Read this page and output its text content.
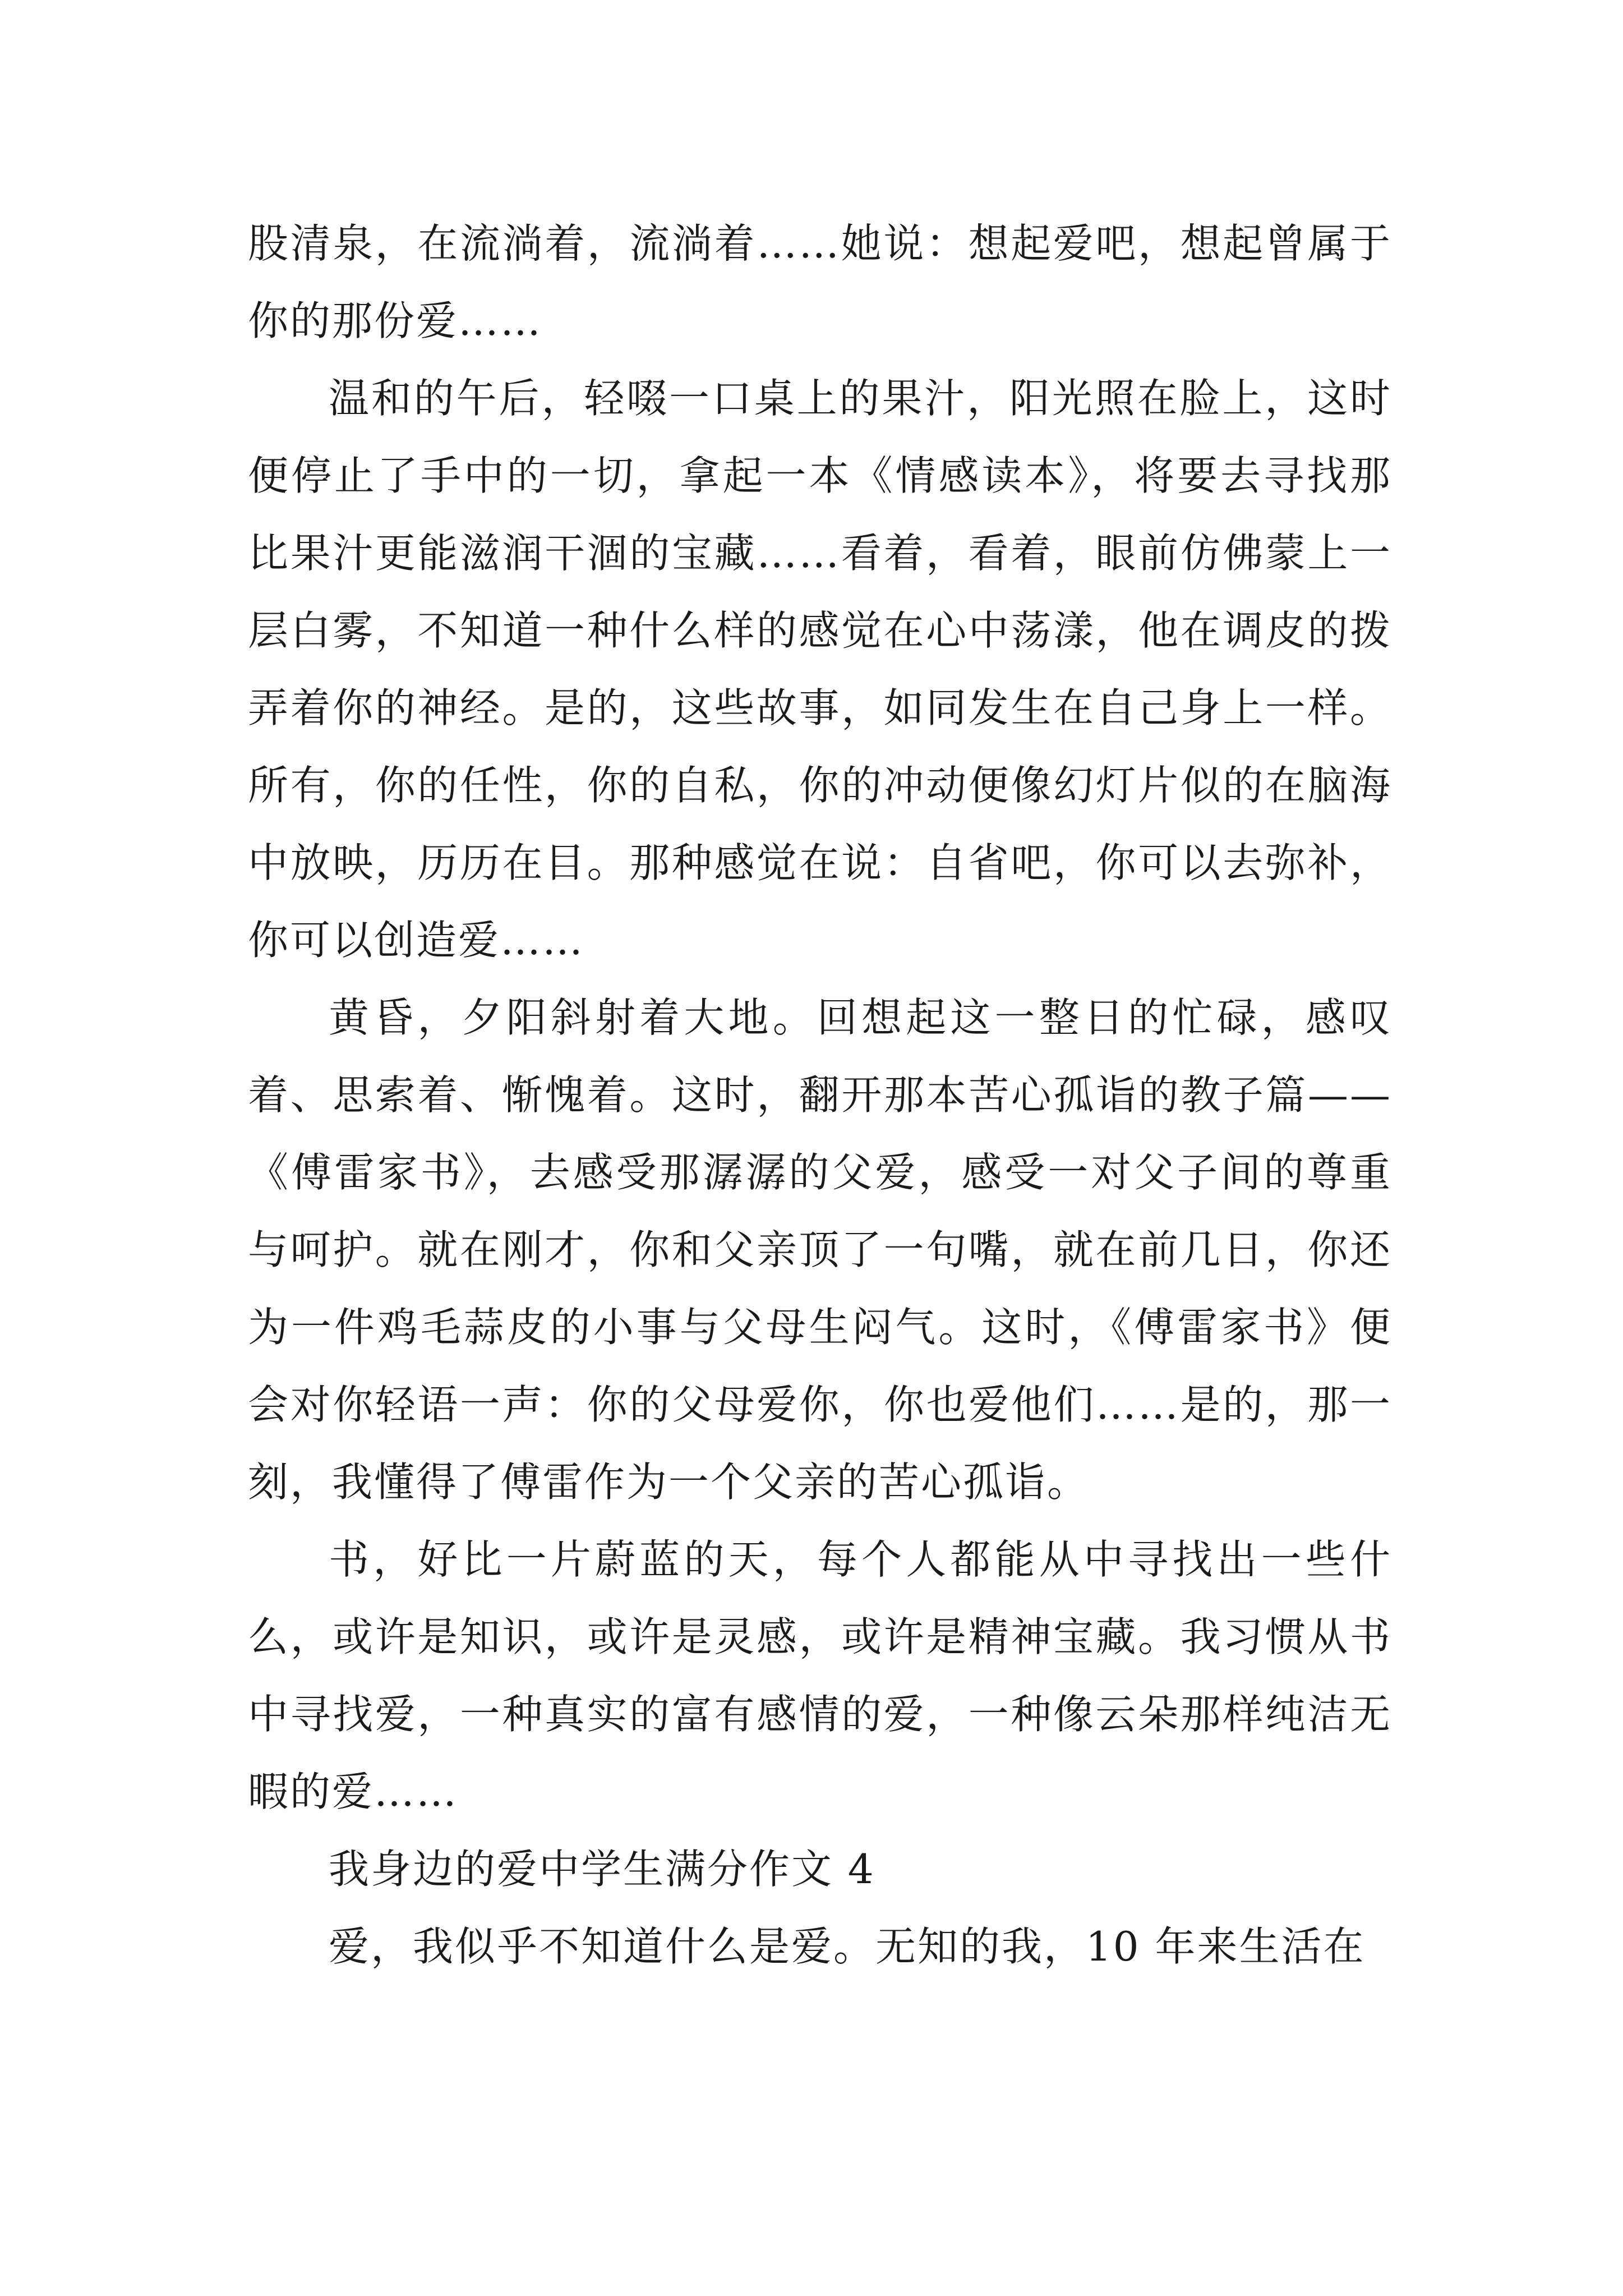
股清泉，在流淌着，流淌着……她说：想起爱吧，想起曾属于你的那份爱……

温和的午后，轻啜一口桌上的果汁，阳光照在脸上，这时便停止了手中的一切，拿起一本《情感读本》，将要去寻找那比果汁更能滋润干涸的宝藏……看着，看着，眼前仿佛蒙上一层白雾，不知道一种什么样的感觉在心中荡漾，他在调皮的拨弄着你的神经。是的，这些故事，如同发生在自己身上一样。所有，你的任性，你的自私，你的冲动便像幻灯片似的在脑海中放映，历历在目。那种感觉在说：自省吧，你可以去弥补，你可以创造爱……

黄昏，夕阳斜射着大地。回想起这一整日的忙碌，感叹着、思索着、惭愧着。这时，翻开那本苦心孤诣的教子篇——《傅雷家书》，去感受那潺潺的父爱，感受一对父子间的尊重与呵护。就在刚才，你和父亲顶了一句嘴，就在前几日，你还为一件鸡毛蒜皮的小事与父母生闷气。这时，《傅雷家书》便会对你轻语一声：你的父母爱你，你也爱他们……是的，那一刻，我懂得了傅雷作为一个父亲的苦心孤诣。

书，好比一片蔚蓝的天，每个人都能从中寻找出一些什么，或许是知识，或许是灵感，或许是精神宝藏。我习惯从书中寻找爱，一种真实的富有感情的爱，一种像云朵那样纯洁无暇的爱……

我身边的爱中学生满分作文 4

爱，我似乎不知道什么是爱。无知的我，10 年来生活在
